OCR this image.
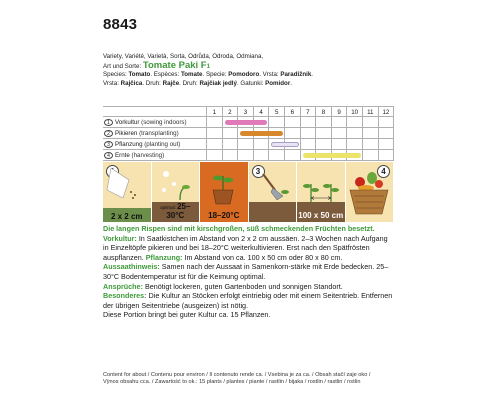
8843
Variety, Variété, Varietà, Sorta, Odrůda, Odroda, Odmiana,
Art und Sorte: Tomate Paki F1
Species: Tomato. Espèces: Tomate. Specie: Pomodoro. Vrsta: Paradižnik.
Vrsta: Rajčica. Druh: Rajče. Druh: Rajčiak jedlý. Gatunki: Pomidor.
1	2	3	4	5	6	7	8	9	10	11	12
1 Vorkultur (sowing indoors)
2 Pikieren (transplanting)
3 Pflanzung (planting out)
4 Ernte (harvesting)
2 x 2 cm
optimal: 25–30°C	18–20°C
3
100 x 50 cm
4

Die langen Rispen sind mit kirschgroßen, süß schmeckenden Früchten besetzt.

Vorkultur: In Saatkistchen im Abstand von 2 x 2 cm aussäen. 2–3 Wochen nach Aufgang in Einzeltöpfe pikieren und bei 18–20°C weiterkultivieren. Erst nach den Spätfrösten auspflanzen. Pflanzung: Im Abstand von ca. 100 x 50 cm oder 80 x 80 cm.

Aussaathinweis: Samen nach der Aussaat in Samenkorn-stärke mit Erde bedecken. 25–30°C Bodentemperatur ist für die Keimung optimal.

Ansprüche: Benötigt lockeren, guten Gartenboden und sonnigen Standort.

Besonderes: Die Kultur an Stöcken erfolgt eintriebig oder mit einem Seitentrieb. Entfernen der übrigen Seitentriebe (ausgeizen) ist nötig.

Diese Portion bringt bei guter Kultur ca. 15 Pflanzen.

Content for about / Contenu pour environ / Il contenuto rende ca. / Vsebina je za ca. / Obsah stačí zaje oko /
Vÿnos obsahu cca. / Zawartość to ok.: 15 plants / plantes / piante / rastlin / bijaka / rostlin / rastlin / roślin
